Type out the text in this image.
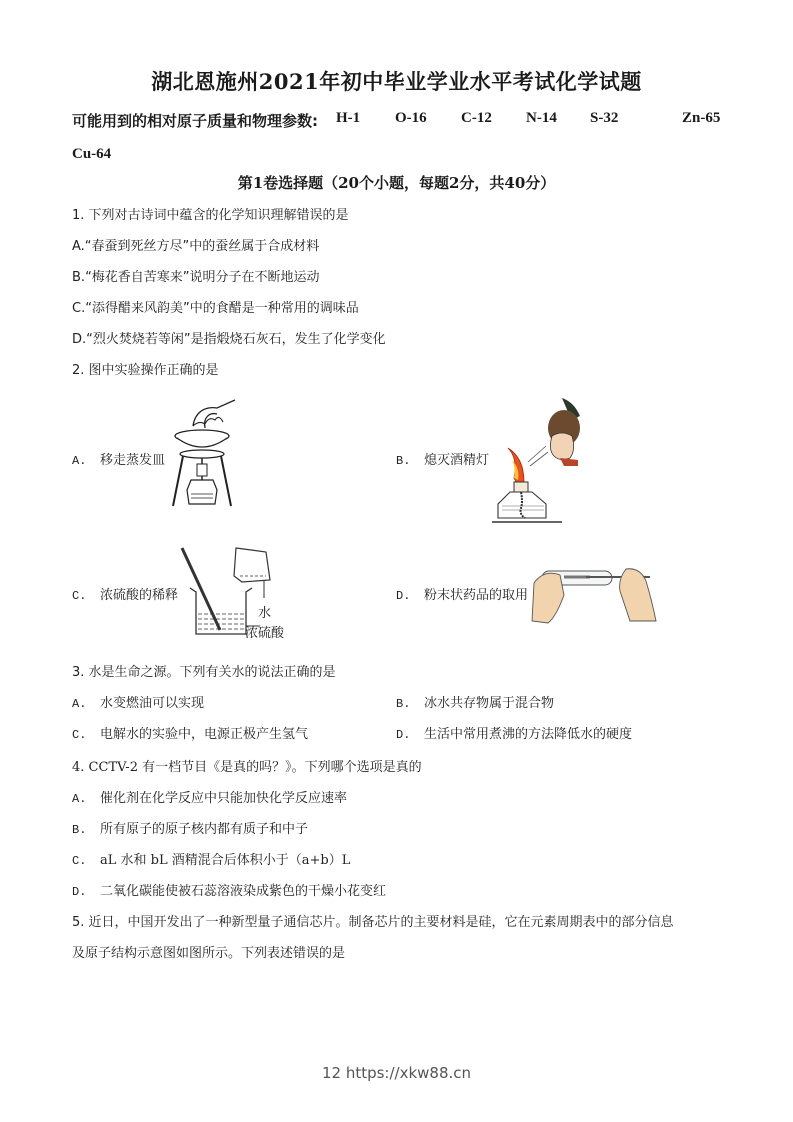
湖北恩施州2021年初中毕业学业水平考试化学试题
可能用到的相对原子质量和物理参数: H-1 O-16 C-12 N-14 S-32	Zn-65
Cu-64
第1卷选择题（20个小题，每题2分，共40分）
1. 下列对古诗词中蕴含的化学知识理解错误的是
A.“春蚕到死丝方尽”中的蚕丝属于合成材料
B.“梅花香自苦寒来”说明分子在不断地运动
C.“添得醋来风韵美”中的食醋是一种常用的调味品
D.“烈火焚烧若等闲”是指煅烧石灰石，发生了化学变化
2. 图中实验操作正确的是
A. 移走蒸发皿	B. 熄灭酒精灯
C. 浓硫酸的稀释
水
浓硫酸
D. 粉末状药品的取用
3. 水是生命之源。下列有关水的说法正确的是
A. 水变燃油可以实现	B. 冰水共存物属于混合物
C. 电解水的实验中，电源正极产生氢气	D. 生活中常用煮沸的方法降低水的硬度
4. CCTV-2 有一档节目《是真的吗？》。下列哪个选项是真的
A. 催化剂在化学反应中只能加快化学反应速率
B. 所有原子的原子核内都有质子和中子
C. aL 水和 bL 酒精混合后体积小于（a+b）L
D. 二氧化碳能使被石蕊溶液染成紫色的干燥小花变红
5. 近日，中国开发出了一种新型量子通信芯片。制备芯片的主要材料是硅，它在元素周期表中的部分信息
及原子结构示意图如图所示。下列表述错误的是
12 https://xkw88.cn
